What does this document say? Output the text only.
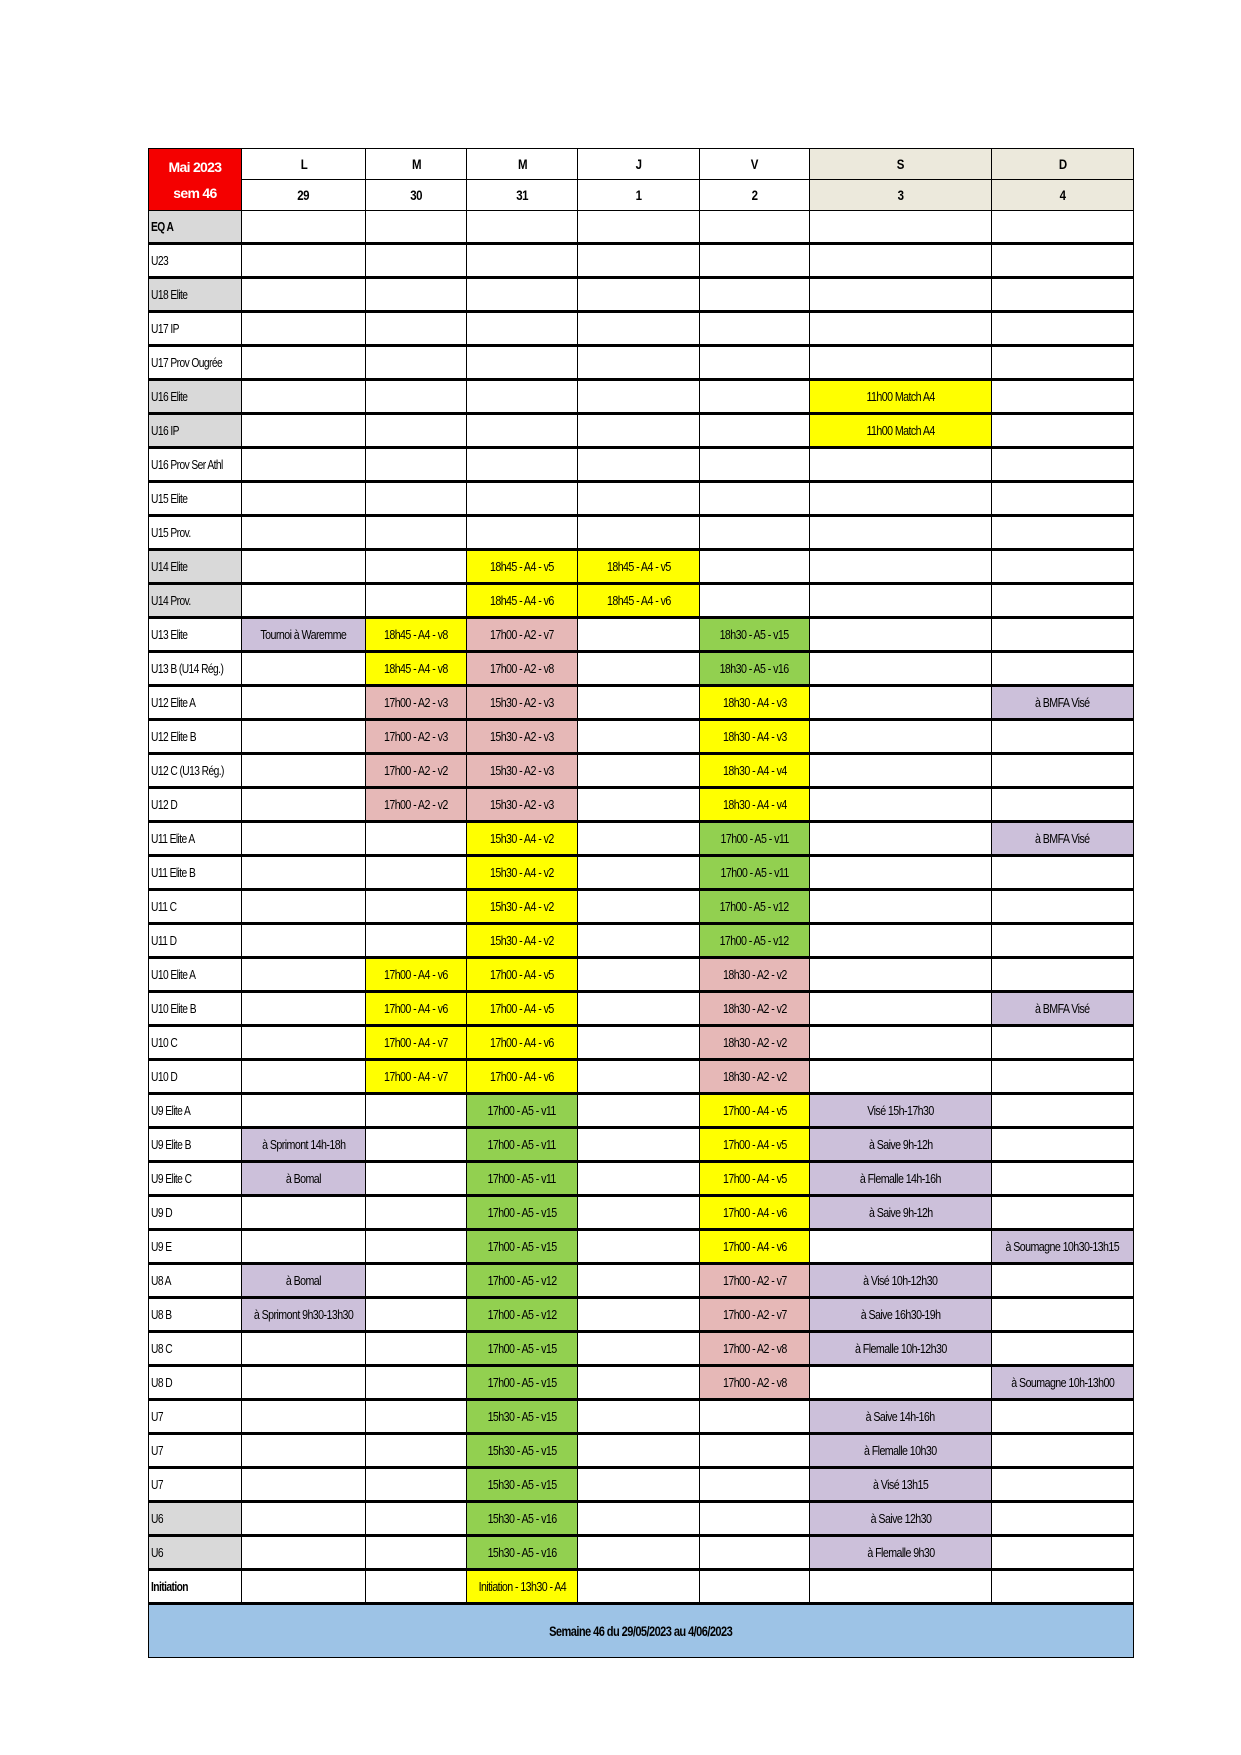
Mai 2023
sem 46	L	M	M	J	V	S	D
	29	30	31	1	2	3	4
EQ A							
U23							
U18 Elite							
U17 IP							
U17 Prov Ougrée							
U16 Elite						11h00 Match A4	
U16 IP						11h00 Match A4	
U16 Prov Ser Athl							
U15 Elite							
U15 Prov.							
U14 Elite			18h45 - A4 - v5	18h45 - A4 - v5			
U14 Prov.			18h45 - A4 - v6	18h45 - A4 - v6			
U13 Elite	Tournoi à Waremme	18h45 - A4 - v8	17h00 - A2 - v7		18h30 - A5 - v15		
U13 B (U14 Rég.)		18h45 - A4 - v8	17h00 - A2 - v8		18h30 - A5 - v16		
U12 Elite A		17h00 - A2 - v3	15h30 - A2 - v3		18h30 - A4 - v3		à BMFA Visé
U12 Elite B		17h00 - A2 - v3	15h30 - A2 - v3		18h30 - A4 - v3		
U12 C (U13 Rég.)		17h00 - A2 - v2	15h30 - A2 - v3		18h30 - A4 - v4		
U12 D		17h00 - A2 - v2	15h30 - A2 - v3		18h30 - A4 - v4		
U11 Elite A			15h30 - A4 - v2		17h00 - A5 - v11		à BMFA Visé
U11 Elite B			15h30 - A4 - v2		17h00 - A5 - v11		
U11 C			15h30 - A4 - v2		17h00 - A5 - v12		
U11 D			15h30 - A4 - v2		17h00 - A5 - v12		
U10 Elite A		17h00 - A4 - v6	17h00 - A4 - v5		18h30 - A2 - v2		
U10 Elite B		17h00 - A4 - v6	17h00 - A4 - v5		18h30 - A2 - v2		à BMFA Visé
U10 C		17h00 - A4 - v7	17h00 - A4 - v6		18h30 - A2 - v2		
U10 D		17h00 - A4 - v7	17h00 - A4 - v6		18h30 - A2 - v2		
U9 Elite A			17h00 - A5 - v11		17h00 - A4 - v5	Visé 15h-17h30	
U9 Elite B	à Sprimont 14h-18h		17h00 - A5 - v11		17h00 - A4 - v5	à Saive 9h-12h	
U9 Elite C	à Bomal		17h00 - A5 - v11		17h00 - A4 - v5	à Flemalle 14h-16h	
U9 D			17h00 - A5 - v15		17h00 - A4 - v6	à Saive 9h-12h	
U9 E			17h00 - A5 - v15		17h00 - A4 - v6		à Soumagne 10h30-13h15
U8 A	à Bomal		17h00 - A5 - v12		17h00 - A2 - v7	à Visé 10h-12h30	
U8 B	à Sprimont 9h30-13h30		17h00 - A5 - v12		17h00 - A2 - v7	à Saive 16h30-19h	
U8 C			17h00 - A5 - v15		17h00 - A2 - v8	à Flemalle 10h-12h30	
U8 D			17h00 - A5 - v15		17h00 - A2 - v8		à Soumagne 10h-13h00
U7			15h30 - A5 - v15			à Saive 14h-16h	
U7			15h30 - A5 - v15			à Flemalle 10h30	
U7			15h30 - A5 - v15			à Visé 13h15	
U6			15h30 - A5 - v16			à Saive 12h30	
U6			15h30 - A5 - v16			à Flemalle 9h30	
Initiation			Initiation - 13h30 - A4				
Semaine 46 du 29/05/2023 au 4/06/2023							
